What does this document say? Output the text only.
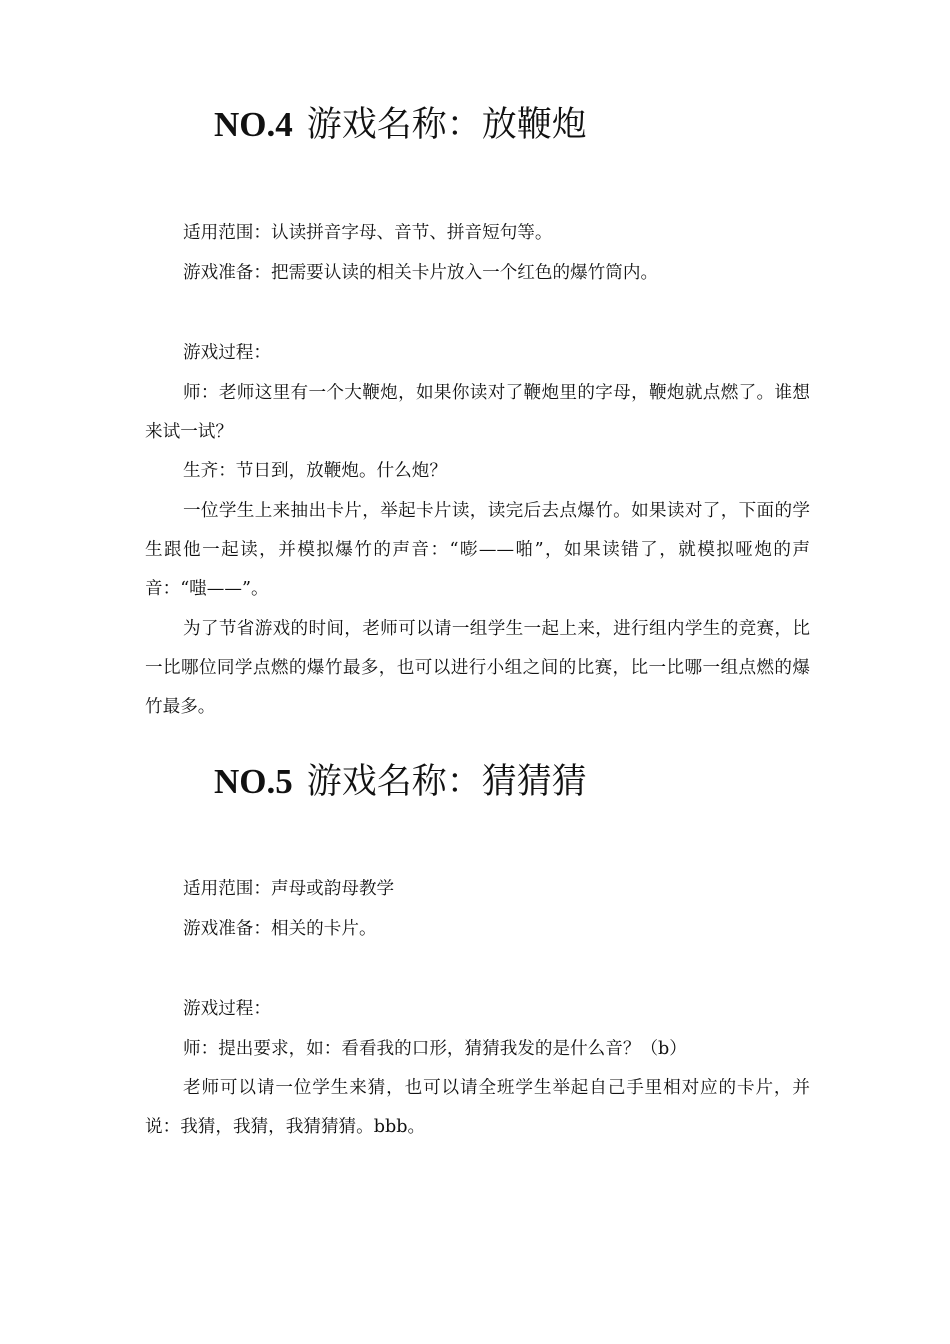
NO.4 游戏名称：放鞭炮

适用范围：认读拼音字母、音节、拼音短句等。

游戏准备：把需要认读的相关卡片放入一个红色的爆竹筒内。

游戏过程：

师：老师这里有一个大鞭炮，如果你读对了鞭炮里的字母，鞭炮就点燃了。谁想来试一试？

生齐：节日到，放鞭炮。什么炮？

一位学生上来抽出卡片，举起卡片读，读完后去点爆竹。如果读对了，下面的学生跟他一起读，并模拟爆竹的声音：“嘭——啪”，如果读错了，就模拟哑炮的声音：“嗤——”。

为了节省游戏的时间，老师可以请一组学生一起上来，进行组内学生的竞赛，比一比哪位同学点燃的爆竹最多，也可以进行小组之间的比赛，比一比哪一组点燃的爆竹最多。

NO.5 游戏名称：猜猜猜

适用范围：声母或韵母教学

游戏准备：相关的卡片。

游戏过程：

师：提出要求，如：看看我的口形，猜猜我发的是什么音？（b）

老师可以请一位学生来猜，也可以请全班学生举起自己手里相对应的卡片，并说：我猜，我猜，我猜猜猜。bbb。
